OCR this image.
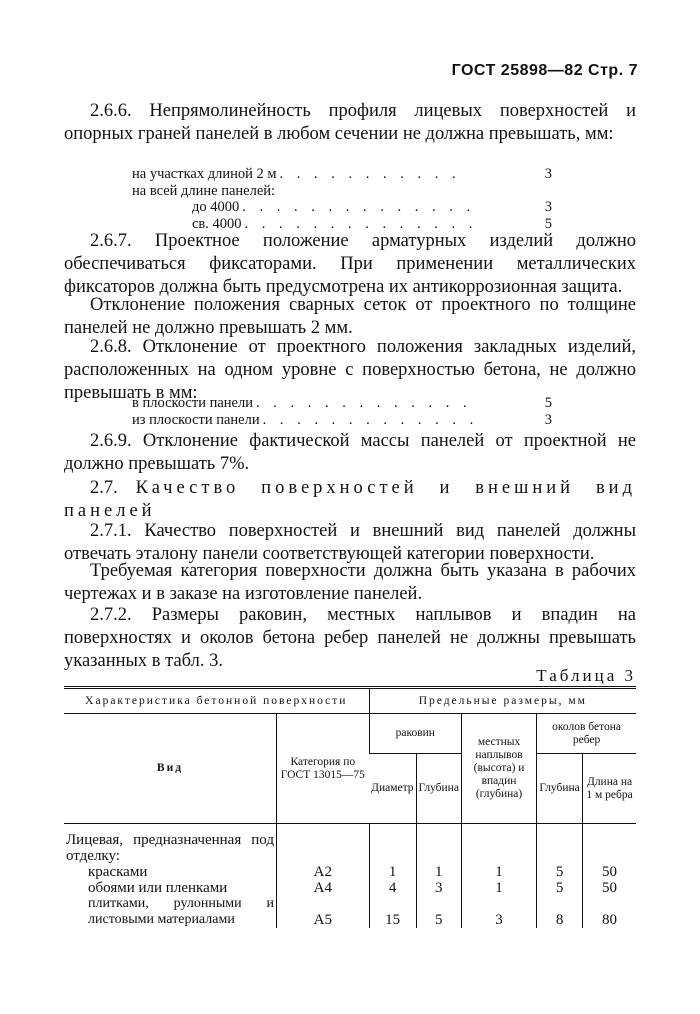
ГОСТ 25898—82 Стр. 7
2.6.6. Непрямолинейность профиля лицевых поверхностей и опорных граней панелей в любом сечении не должна превышать, мм:
на участках длиной 2 м . . . . . . . . . . .	3
на всей длине панелей:
до 4000 . . . . . . . . . . . . . .	3
св. 4000 . . . . . . . . . . . . . .	5
2.6.7. Проектное положение арматурных изделий должно обеспечиваться фиксаторами. При применении металлических фиксаторов должна быть предусмотрена их антикоррозионная защита.
Отклонение положения сварных сеток от проектного по толщине панелей не должно превышать 2 мм.
2.6.8. Отклонение от проектного положения закладных изделий, расположенных на одном уровне с поверхностью бетона, не должно превышать в мм:
в плоскости панели . . . . . . . . . . . . .	5
из плоскости панели . . . . . . . . . . . . .	3
2.6.9. Отклонение фактической массы панелей от проектной не должно превышать 7%.
2.7. Качество поверхностей и внешний вид панелей
2.7.1. Качество поверхностей и внешний вид панелей должны отвечать эталону панели соответствующей категории поверхности.
Требуемая категория поверхности должна быть указана в рабочих чертежах и в заказе на изготовление панелей.
2.7.2. Размеры раковин, местных наплывов и впадин на поверхностях и околов бетона ребер панелей не должны превышать указанных в табл. 3.
Таблица 3
Характеристика бетонной поверхности		Предельные размеры, мм				
Вид	Категория по ГОСТ 13015—75	раковин		местных наплывов (высота) и впадин (глубина)	околов бетона ребер	
		Диаметр	Глубина		Глубина	Длина на 1 м ребра
Лицевая, предназначенная под отделку:						
красками	А2	1	1	1	5	50
обоями или пленками	А4	4	3	1	5	50
плитками, рулонными и листовыми материалами	А5	15	5	3	8	80
